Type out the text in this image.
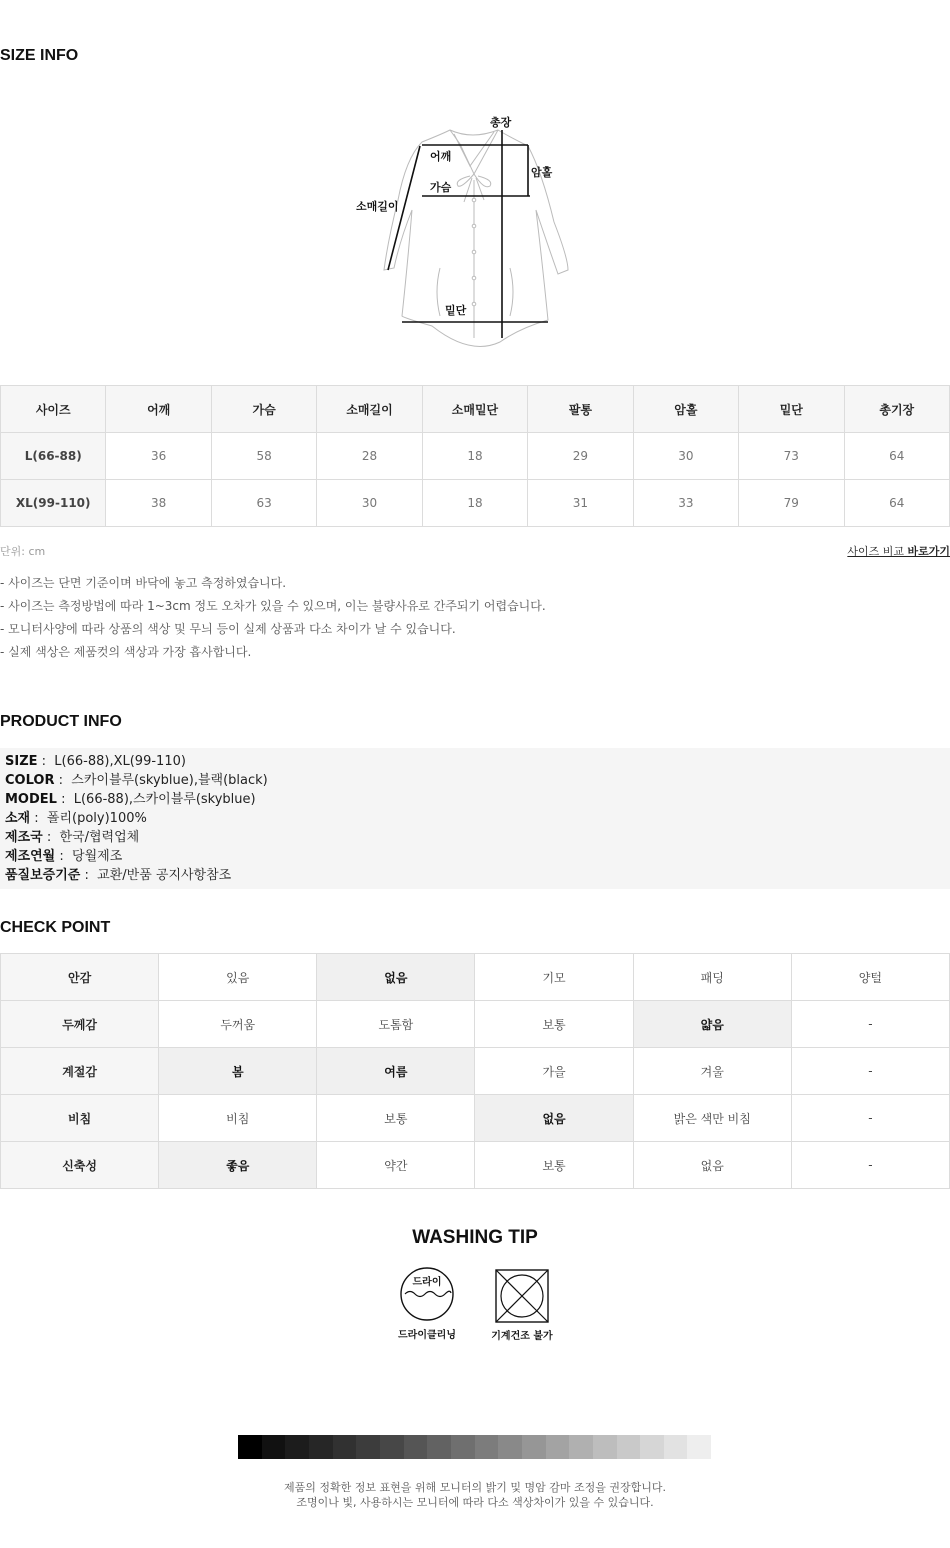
SIZE INFO
총장
어깨
가슴
암홀
소매길이
밑단
사이즈	어깨	가슴	소매길이	소매밑단	팔통	암홀	밑단	총기장
L(66-88)	36	58	28	18	29	30	73	64
XL(99-110)	38	63	30	18	31	33	79	64
단위: cm	사이즈 비교 바로가기
- 사이즈는 단면 기준이며 바닥에 놓고 측정하였습니다.
- 사이즈는 측정방법에 따라 1~3cm 정도 오차가 있을 수 있으며, 이는 불량사유로 간주되기 어렵습니다.
- 모니터사양에 따라 상품의 색상 및 무늬 등이 실제 상품과 다소 차이가 날 수 있습니다.
- 실제 색상은 제품컷의 색상과 가장 흡사합니다.
PRODUCT INFO
SIZE :  L(66-88),XL(99-110)
COLOR :  스카이블루(skyblue),블랙(black)
MODEL :  L(66-88),스카이블루(skyblue)
소재 :  폴리(poly)100%
제조국 :  한국/협력업체
제조연월 :  당월제조
품질보증기준 :  교환/반품 공지사항참조
CHECK POINT
안감	있음	없음	기모	패딩	양털
두께감	두꺼움	도톰함	보통	얇음	-
계절감	봄	여름	가을	겨울	-
비침	비침	보통	없음	밝은 색만 비침	-
신축성	좋음	약간	보통	없음	-
WASHING TIP
드라이
드라이클리닝	기계건조 불가
제품의 정확한 정보 표현을 위해 모니터의 밝기 및 명암 감마 조정을 권장합니다.
조명이나 빛, 사용하시는 모니터에 따라 다소 색상차이가 있을 수 있습니다.
